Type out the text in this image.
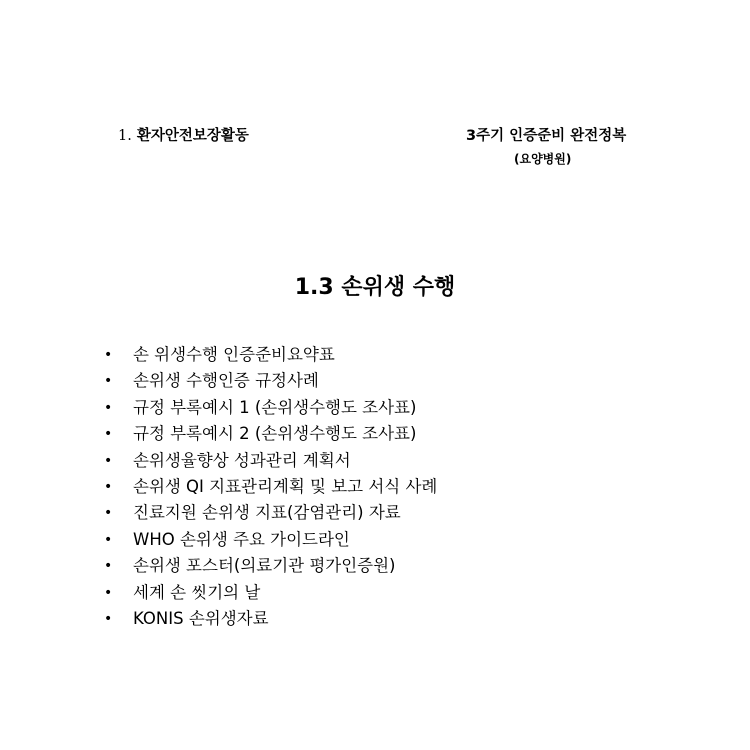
1. 환자안전보장활동	3주기 인증준비 완전정복
(요양병원)
1.3 손위생 수행
• 손 위생수행 인증준비요약표
• 손위생 수행인증 규정사례
• 규정 부록예시 1 (손위생수행도 조사표)
• 규정 부록예시 2 (손위생수행도 조사표)
• 손위생율향상 성과관리 계획서
• 손위생 QI 지표관리계획 및 보고 서식 사례
• 진료지원 손위생 지표(감염관리) 자료
• WHO 손위생 주요 가이드라인
• 손위생 포스터(의료기관 평가인증원)
• 세계 손 씻기의 날
• KONIS 손위생자료
